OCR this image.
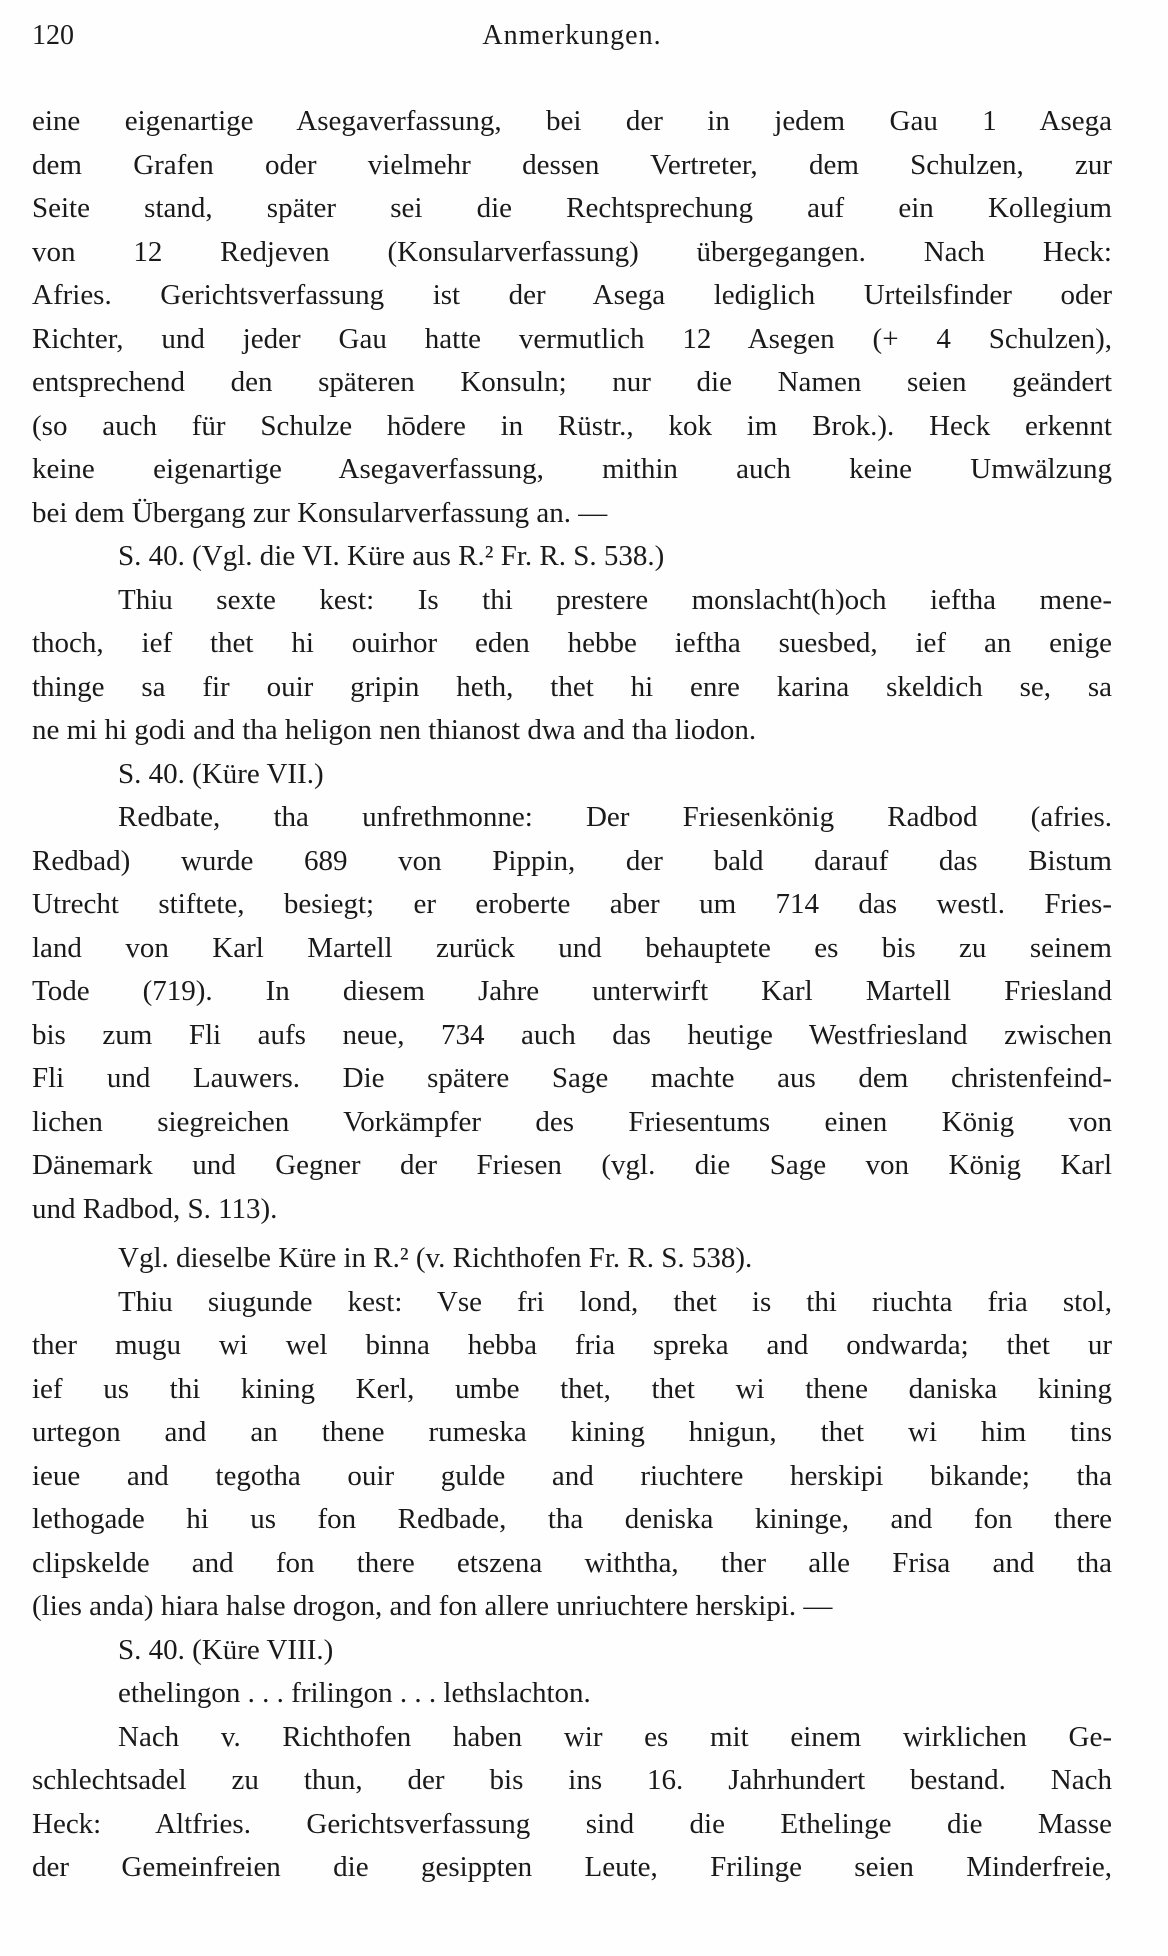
120	Anmerkungen.
eine eigenartige Asegaverfassung, bei der in jedem Gau 1 Asega
dem Grafen oder vielmehr dessen Vertreter, dem Schulzen, zur
Seite stand, später sei die Rechtsprechung auf ein Kollegium
von 12 Redjeven (Konsularverfassung) übergegangen. Nach Heck:
Afries. Gerichtsverfassung ist der Asega lediglich Urteilsfinder oder
Richter, und jeder Gau hatte vermutlich 12 Asegen (+ 4 Schulzen),
entsprechend den späteren Konsuln; nur die Namen seien geändert
(so auch für Schulze hōdere in Rüstr., kok im Brok.). Heck erkennt
keine eigenartige Asegaverfassung, mithin auch keine Umwälzung
bei dem Übergang zur Konsularverfassung an. —
S. 40. (Vgl. die VI. Küre aus R.² Fr. R. S. 538.)
Thiu sexte kest: Is thi prestere monslacht(h)och ieftha mene-
thoch, ief thet hi ouirhor eden hebbe ieftha suesbed, ief an enige
thinge sa fir ouir gripin heth, thet hi enre karina skeldich se, sa
ne mi hi godi and tha heligon nen thianost dwa and tha liodon.
S. 40. (Küre VII.)
Redbate, tha unfrethmonne: Der Friesenkönig Radbod (afries.
Redbad) wurde 689 von Pippin, der bald darauf das Bistum
Utrecht stiftete, besiegt; er eroberte aber um 714 das westl. Fries-
land von Karl Martell zurück und behauptete es bis zu seinem
Tode (719). In diesem Jahre unterwirft Karl Martell Friesland
bis zum Fli aufs neue, 734 auch das heutige Westfriesland zwischen
Fli und Lauwers. Die spätere Sage machte aus dem christenfeind-
lichen siegreichen Vorkämpfer des Friesentums einen König von
Dänemark und Gegner der Friesen (vgl. die Sage von König Karl
und Radbod, S. 113).
Vgl. dieselbe Küre in R.² (v. Richthofen Fr. R. S. 538).
Thiu siugunde kest: Vse fri lond, thet is thi riuchta fria stol,
ther mugu wi wel binna hebba fria spreka and ondwarda; thet ur
ief us thi kining Kerl, umbe thet, thet wi thene daniska kining
urtegon and an thene rumeska kining hnigun, thet wi him tins
ieue and tegotha ouir gulde and riuchtere herskipi bikande; tha
lethogade hi us fon Redbade, tha deniska kininge, and fon there
clipskelde and fon there etszena withtha, ther alle Frisa and tha
(lies anda) hiara halse drogon, and fon allere unriuchtere herskipi. —
S. 40. (Küre VIII.)
ethelingon . . . frilingon . . . lethslachton.
Nach v. Richthofen haben wir es mit einem wirklichen Ge-
schlechtsadel zu thun, der bis ins 16. Jahrhundert bestand. Nach
Heck: Altfries. Gerichtsverfassung sind die Ethelinge die Masse
der Gemeinfreien die gesippten Leute, Frilinge seien Minderfreie,
